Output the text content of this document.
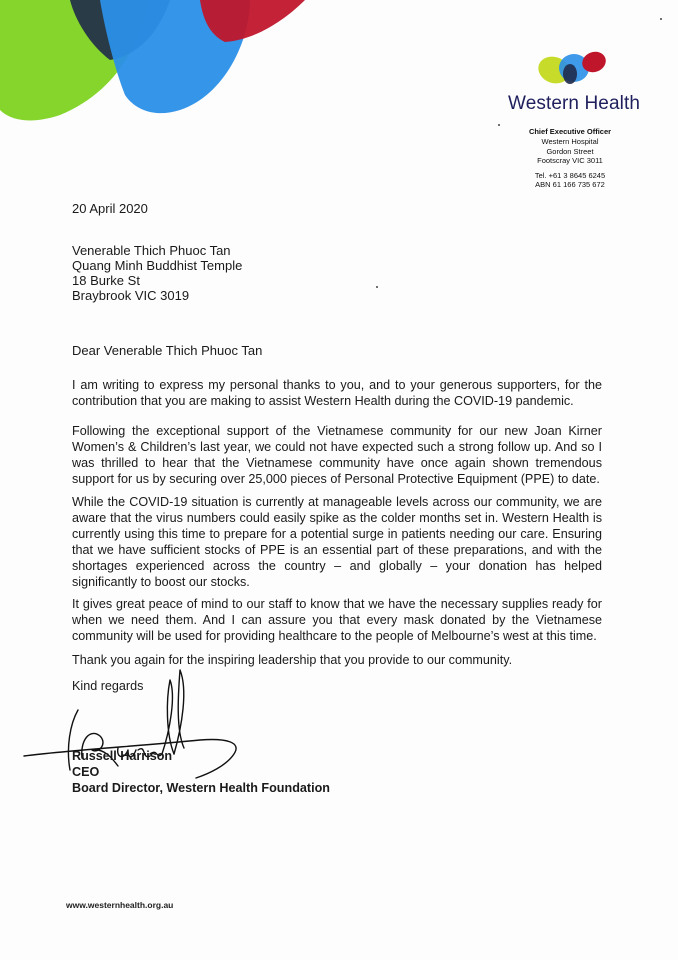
Western Health
Chief Executive Officer
Western Hospital
Gordon Street
Footscray VIC 3011
Tel. +61 3 8645 6245
ABN 61 166 735 672
20 April 2020
Venerable Thich Phuoc Tan
Quang Minh Buddhist Temple
18 Burke St
Braybrook VIC 3019
Dear Venerable Thich Phuoc Tan
I am writing to express my personal thanks to you, and to your generous supporters, for the contribution that you are making to assist Western Health during the COVID-19 pandemic.
Following the exceptional support of the Vietnamese community for our new Joan Kirner Women’s & Children’s last year, we could not have expected such a strong follow up. And so I was thrilled to hear that the Vietnamese community have once again shown tremendous support for us by securing over 25,000 pieces of Personal Protective Equipment (PPE) to date.
While the COVID-19 situation is currently at manageable levels across our community, we are aware that the virus numbers could easily spike as the colder months set in. Western Health is currently using this time to prepare for a potential surge in patients needing our care. Ensuring that we have sufficient stocks of PPE is an essential part of these preparations, and with the shortages experienced across the country – and globally – your donation has helped significantly to boost our stocks.
It gives great peace of mind to our staff to know that we have the necessary supplies ready for when we need them. And I can assure you that every mask donated by the Vietnamese community will be used for providing healthcare to the people of Melbourne’s west at this time.
Thank you again for the inspiring leadership that you provide to our community.
Kind regards
Russell Harrison
CEO
Board Director, Western Health Foundation
www.westernhealth.org.au
